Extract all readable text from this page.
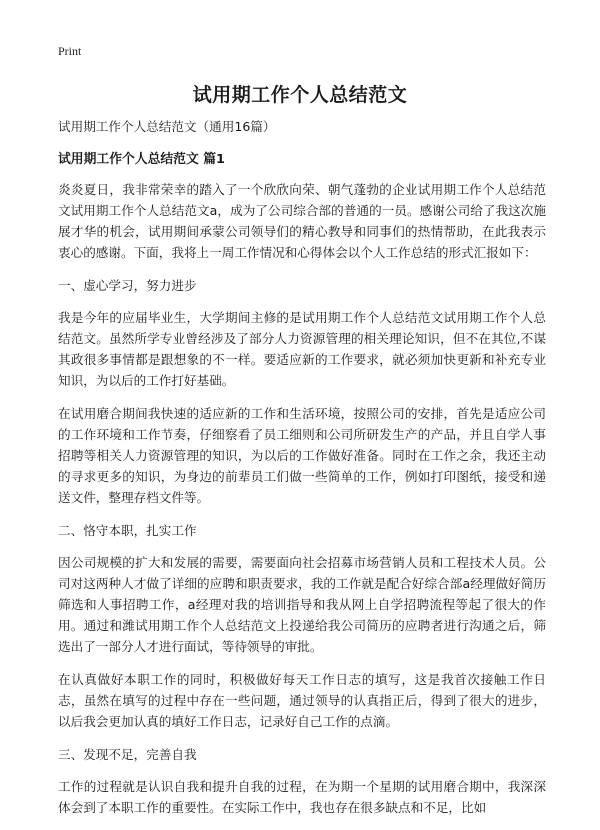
Print
试用期工作个人总结范文
试用期工作个人总结范文（通用16篇）
试用期工作个人总结范文 篇1

炎炎夏日，我非常荣幸的踏入了一个欣欣向荣、朝气蓬勃的企业试用期工作个人总结范文试用期工作个人总结范文a，成为了公司综合部的普通的一员。感谢公司给了我这次施展才华的机会，试用期间承蒙公司领导们的精心教导和同事们的热情帮助，在此我表示衷心的感谢。下面，我将上一周工作情况和心得体会以个人工作总结的形式汇报如下：

一、虚心学习，努力进步

我是今年的应届毕业生，大学期间主修的是试用期工作个人总结范文试用期工作个人总结范文。虽然所学专业曾经涉及了部分人力资源管理的相关理论知识，但不在其位,不谋其政很多事情都是跟想象的不一样。要适应新的工作要求，就必须加快更新和补充专业知识，为以后的工作打好基础。

在试用磨合期间我快速的适应新的工作和生活环境，按照公司的安排，首先是适应公司的工作环境和工作节奏，仔细察看了员工细则和公司所研发生产的产品，并且自学人事招聘等相关人力资源管理的知识，为以后的工作做好准备。同时在工作之余，我还主动的寻求更多的知识，为身边的前辈员工们做一些简单的工作，例如打印图纸，接受和递送文件，整理存档文件等。

二、恪守本职，扎实工作

因公司规模的扩大和发展的需要，需要面向社会招募市场营销人员和工程技术人员。公司对这两种人才做了详细的应聘和职责要求，我的工作就是配合好综合部a经理做好简历筛选和人事招聘工作，a经理对我的培训指导和我从网上自学招聘流程等起了很大的作用。通过和潍试用期工作个人总结范文上投递给我公司简历的应聘者进行沟通之后，筛选出了一部分人才进行面试，等待领导的审批。

在认真做好本职工作的同时，积极做好每天工作日志的填写，这是我首次接触工作日志，虽然在填写的过程中存在一些问题，通过领导的认真指正后，得到了很大的进步，以后我会更加认真的填好工作日志，记录好自己工作的点滴。

三、发现不足，完善自我

工作的过程就是认识自我和提升自我的过程，在为期一个星期的试用磨合期中，我深深体会到了本职工作的重要性。在实际工作中，我也存在很多缺点和不足，比如
